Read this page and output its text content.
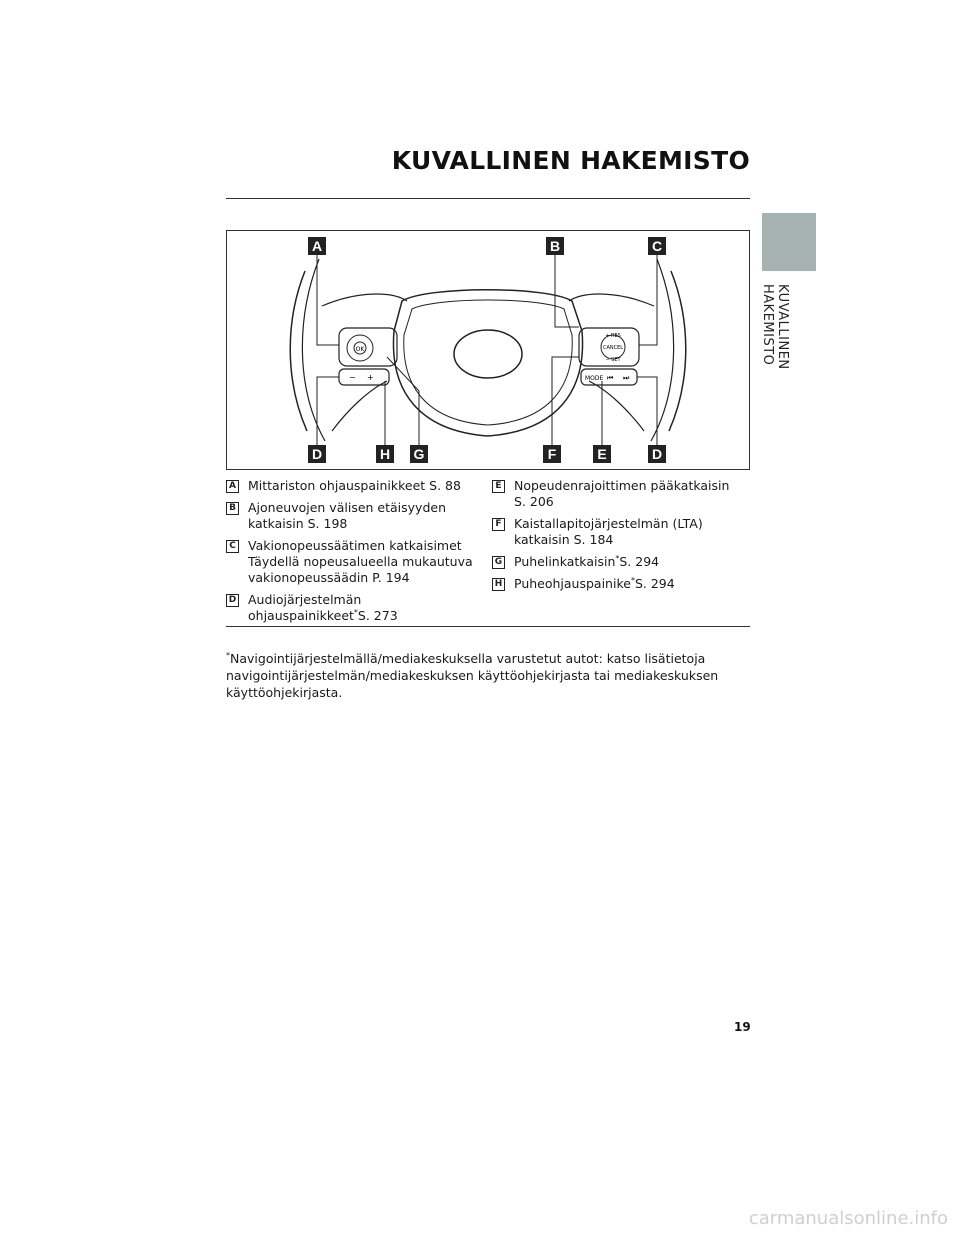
KUVALLINEN HAKEMISTO
KUVALLINEN HAKEMISTO
OK
− +
+ RES
CANCEL
− SET
MODE ⏮ ⏭
A	B	C
D	H G	F	E	D
A Mittariston ohjauspainikkeet S. 88
B Ajoneuvojen välisen etäisyyden
katkaisin S. 198
C Vakionopeussäätimen katkaisimet
Täydellä nopeusalueella mukautuva
vakionopeussäädin P. 194
D Audiojärjestelmän
ohjauspainikkeet*S. 273
E Nopeudenrajoittimen pääkatkaisin
S. 206
F Kaistallapitojärjestelmän (LTA)
katkaisin S. 184
G Puhelinkatkaisin*S. 294
H Puheohjauspainike*S. 294
*Navigointijärjestelmällä/mediakeskuksella varustetut autot: katso lisätietoja navigointijärjestelmän/mediakeskuksen käyttöohjekirjasta tai mediakeskuksen käyttöohjekirjasta.
19
carmanualsonline.info
